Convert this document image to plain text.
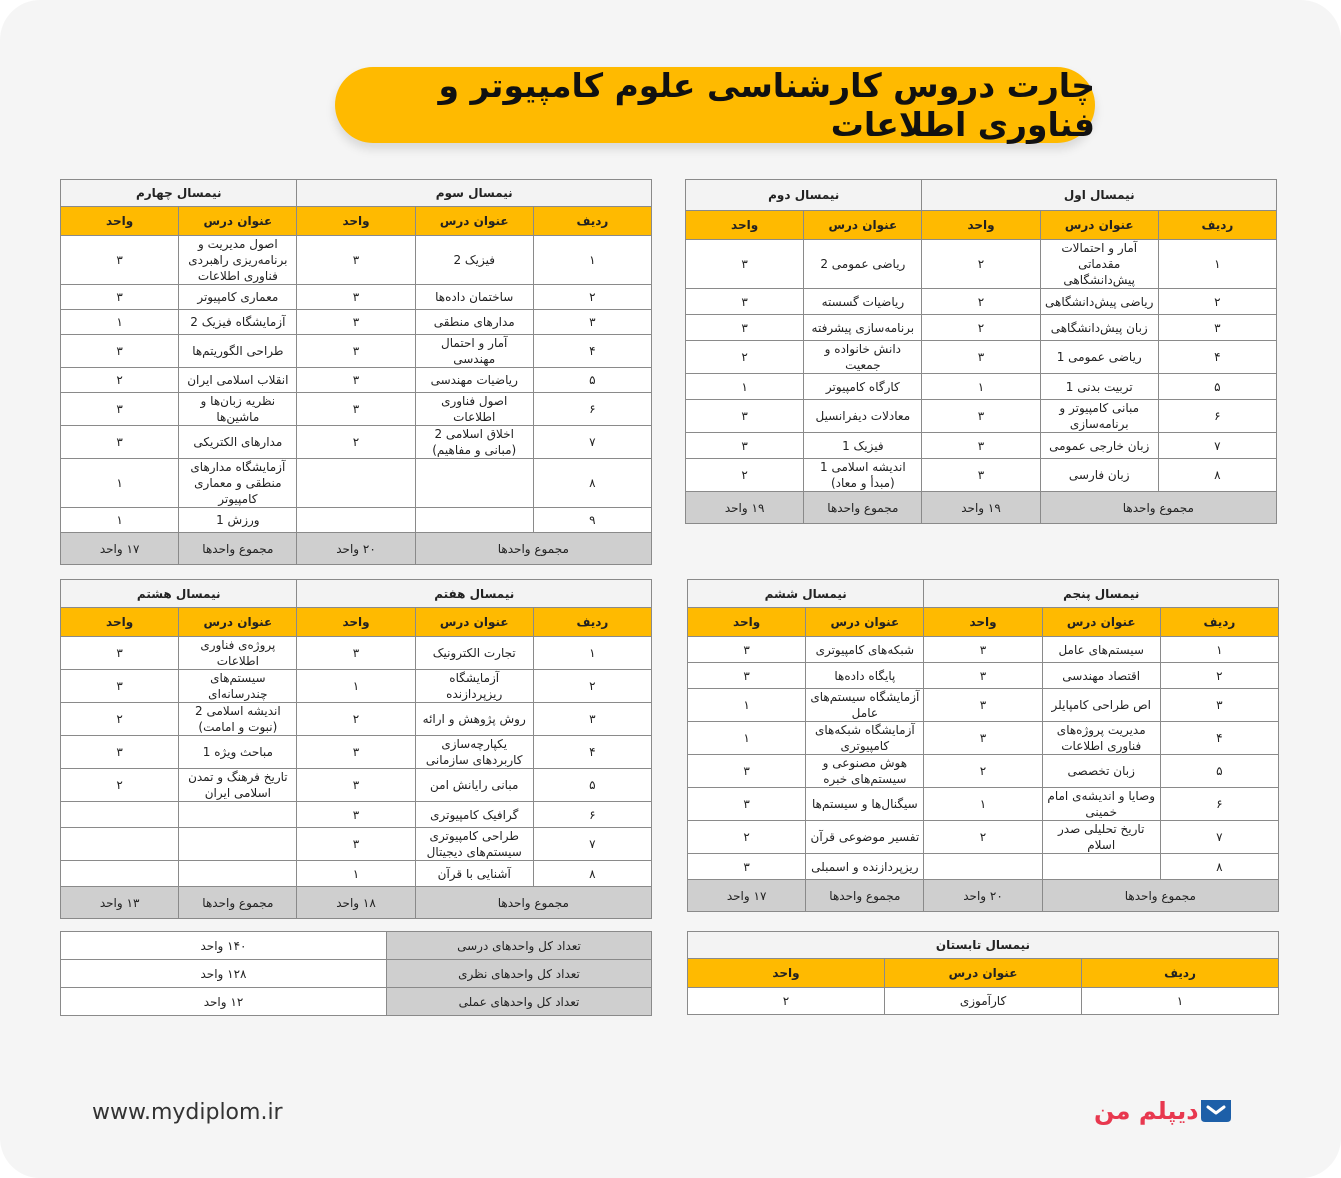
چارت دروس کارشناسی علوم کامپیوتر و فناوری اطلاعات
نیمسال اول			نیمسال دوم	
ردیف	عنوان درس	واحد	عنوان درس	واحد
۱	آمار و احتمالات مقدماتی پیش‌دانشگاهی	۲	ریاضی عمومی 2	۳
۲	ریاضی پیش‌دانشگاهی	۲	ریاضیات گسسته	۳
۳	زبان پیش‌دانشگاهی	۲	برنامه‌سازی پیشرفته	۳
۴	ریاضی عمومی 1	۳	دانش خانواده و جمعیت	۲
۵	تربیت بدنی 1	۱	کارگاه کامپیوتر	۱
۶	مبانی کامپیوتر و برنامه‌سازی	۳	معادلات دیفرانسیل	۳
۷	زبان خارجی عمومی	۳	فیزیک 1	۳
۸	زبان فارسی	۳	اندیشه اسلامی 1 (مبدأ و معاد)	۲
مجموع واحدها		۱۹ واحد	مجموع واحدها	۱۹ واحد
نیمسال سوم			نیمسال چهارم	
ردیف	عنوان درس	واحد	عنوان درس	واحد
۱	فیزیک 2	۳	اصول مدیریت و برنامه‌ریزی راهبردی فناوری اطلاعات	۳
۲	ساختمان داده‌ها	۳	معماری کامپیوتر	۳
۳	مدارهای منطقی	۳	آزمایشگاه فیزیک 2	۱
۴	آمار و احتمال مهندسی	۳	طراحی الگوریتم‌ها	۳
۵	ریاضیات مهندسی	۳	انقلاب اسلامی ایران	۲
۶	اصول فناوری اطلاعات	۳	نظریه زبان‌ها و ماشین‌ها	۳
۷	اخلاق اسلامی 2 (مبانی و مفاهیم)	۲	مدارهای الکتریکی	۳
۸			آزمایشگاه مدارهای منطقی و معماری کامپیوتر	۱
۹			ورزش 1	۱
مجموع واحدها		۲۰ واحد	مجموع واحدها	۱۷ واحد
نیمسال پنجم			نیمسال ششم	
ردیف	عنوان درس	واحد	عنوان درس	واحد
۱	سیستم‌های عامل	۳	شبکه‌های کامپیوتری	۳
۲	اقتصاد مهندسی	۳	پایگاه داده‌ها	۳
۳	اص طراحی کامپایلر	۳	آزمایشگاه سیستم‌های عامل	۱
۴	مدیریت پروژه‌های فناوری اطلاعات	۳	آزمایشگاه شبکه‌های کامپیوتری	۱
۵	زبان تخصصی	۲	هوش مصنوعی و سیستم‌های خبره	۳
۶	وصایا و اندیشه‌ی امام خمینی	۱	سیگنال‌ها و سیستم‌ها	۳
۷	تاریخ تحلیلی صدر اسلام	۲	تفسیر موضوعی قرآن	۲
۸			ریزپردازنده و اسمبلی	۳
مجموع واحدها		۲۰ واحد	مجموع واحدها	۱۷ واحد
نیمسال هفتم			نیمسال هشتم	
ردیف	عنوان درس	واحد	عنوان درس	واحد
۱	تجارت الکترونیک	۳	پروژه‌ی فناوری اطلاعات	۳
۲	آزمایشگاه ریزپردازنده	۱	سیستم‌های چندرسانه‌ای	۳
۳	روش پژوهش و ارائه	۲	اندیشه اسلامی 2 (نبوت و امامت)	۲
۴	یکپارچه‌سازی کاربردهای سازمانی	۳	مباحث ویژه 1	۳
۵	مبانی رایانش امن	۳	تاریخ فرهنگ و تمدن اسلامی ایران	۲
۶	گرافیک کامپیوتری	۳		
۷	طراحی کامپیوتری سیستم‌های دیجیتال	۳		
۸	آشنایی با قرآن	۱		
مجموع واحدها		۱۸ واحد	مجموع واحدها	۱۳ واحد
نیمسال تابستان		
ردیف	عنوان درس	واحد
۱	کارآموزی	۲
تعداد کل واحدهای درسی	۱۴۰ واحد
تعداد کل واحدهای نظری	۱۲۸ واحد
تعداد کل واحدهای عملی	۱۲ واحد
www.mydiplom.ir	دیپلم من
